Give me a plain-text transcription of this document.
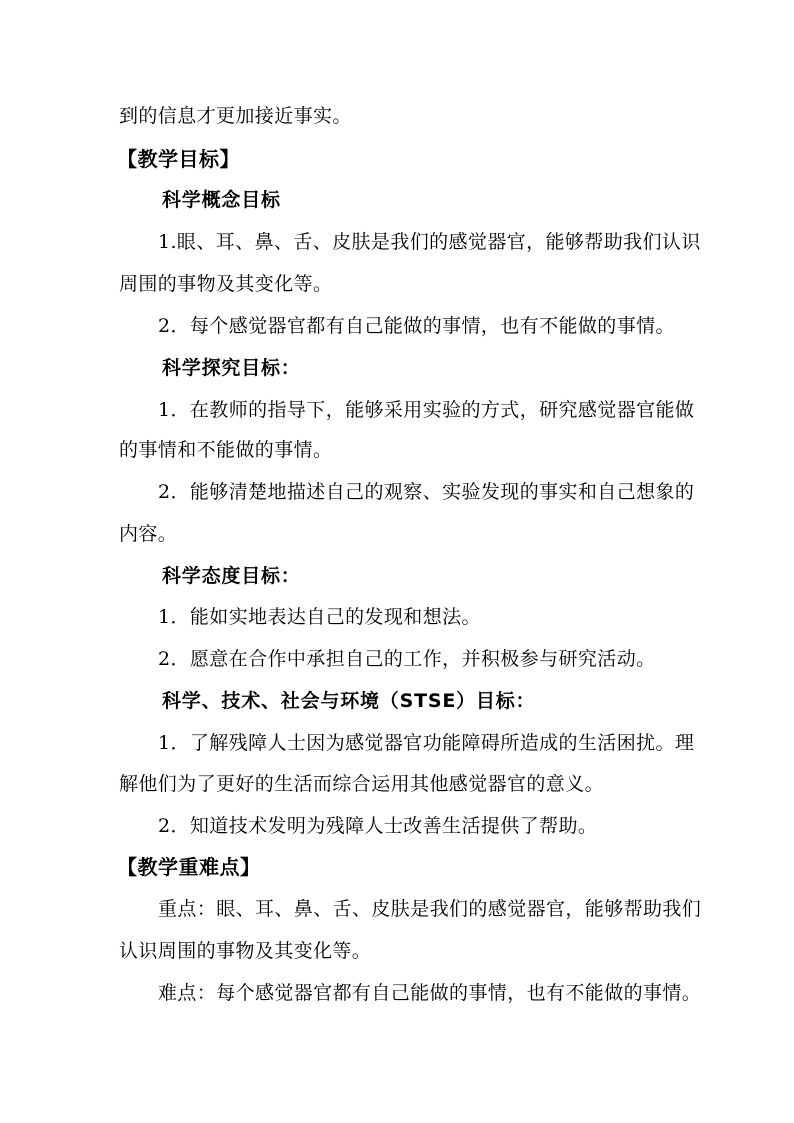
到的信息才更加接近事实。
【教学目标】
科学概念目标
1.眼、耳、鼻、舌、皮肤是我们的感觉器官，能够帮助我们认识
周围的事物及其变化等。
2．每个感觉器官都有自己能做的事情，也有不能做的事情。
科学探究目标：
1．在教师的指导下，能够采用实验的方式，研究感觉器官能做
的事情和不能做的事情。
2．能够清楚地描述自己的观察、实验发现的事实和自己想象的
内容。
科学态度目标：
1．能如实地表达自己的发现和想法。
2．愿意在合作中承担自己的工作，并积极参与研究活动。
科学、技术、社会与环境（STSE）目标：
1．了解残障人士因为感觉器官功能障碍所造成的生活困扰。理
解他们为了更好的生活而综合运用其他感觉器官的意义。
2．知道技术发明为残障人士改善生活提供了帮助。
【教学重难点】
重点：眼、耳、鼻、舌、皮肤是我们的感觉器官，能够帮助我们
认识周围的事物及其变化等。
难点：每个感觉器官都有自己能做的事情，也有不能做的事情。
